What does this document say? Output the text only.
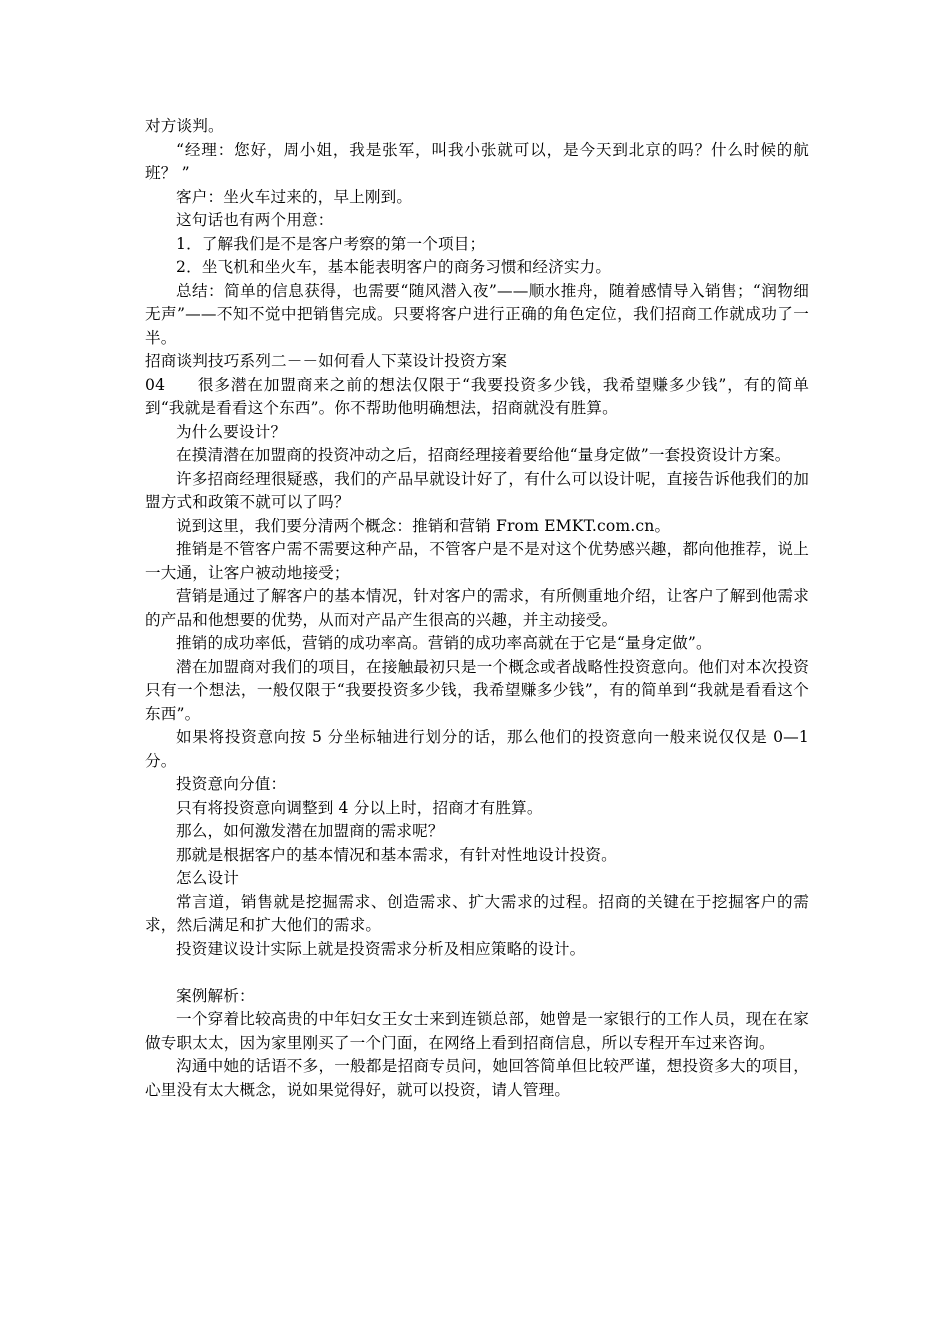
对方谈判。

“经理：您好，周小姐，我是张军，叫我小张就可以，是今天到北京的吗？什么时候的航班？ ”

客户：坐火车过来的，早上刚到。

这句话也有两个用意：

1．了解我们是不是客户考察的第一个项目；

2．坐飞机和坐火车，基本能表明客户的商务习惯和经济实力。

总结：简单的信息获得，也需要“随风潜入夜”——顺水推舟，随着感情导入销售；“润物细无声”——不知不觉中把销售完成。只要将客户进行正确的角色定位，我们招商工作就成功了一半。

招商谈判技巧系列二－－如何看人下菜设计投资方案

04 很多潜在加盟商来之前的想法仅限于“我要投资多少钱，我希望赚多少钱”，有的简单到“我就是看看这个东西”。你不帮助他明确想法，招商就没有胜算。

为什么要设计？

在摸清潜在加盟商的投资冲动之后，招商经理接着要给他“量身定做”一套投资设计方案。

许多招商经理很疑惑，我们的产品早就设计好了，有什么可以设计呢，直接告诉他我们的加盟方式和政策不就可以了吗？

说到这里，我们要分清两个概念：推销和营销 From EMKT.com.cn。

推销是不管客户需不需要这种产品，不管客户是不是对这个优势感兴趣，都向他推荐，说上一大通，让客户被动地接受；

营销是通过了解客户的基本情况，针对客户的需求，有所侧重地介绍，让客户了解到他需求的产品和他想要的优势，从而对产品产生很高的兴趣，并主动接受。

推销的成功率低，营销的成功率高。营销的成功率高就在于它是“量身定做”。

潜在加盟商对我们的项目，在接触最初只是一个概念或者战略性投资意向。他们对本次投资只有一个想法，一般仅限于“我要投资多少钱，我希望赚多少钱”，有的简单到“我就是看看这个东西”。

如果将投资意向按 5 分坐标轴进行划分的话，那么他们的投资意向一般来说仅仅是 0—1 分。

投资意向分值：

只有将投资意向调整到 4 分以上时，招商才有胜算。

那么，如何激发潜在加盟商的需求呢？

那就是根据客户的基本情况和基本需求，有针对性地设计投资。

怎么设计

常言道，销售就是挖掘需求、创造需求、扩大需求的过程。招商的关键在于挖掘客户的需求，然后满足和扩大他们的需求。

投资建议设计实际上就是投资需求分析及相应策略的设计。

案例解析：

一个穿着比较高贵的中年妇女王女士来到连锁总部，她曾是一家银行的工作人员，现在在家做专职太太，因为家里刚买了一个门面，在网络上看到招商信息，所以专程开车过来咨询。

沟通中她的话语不多，一般都是招商专员问，她回答简单但比较严谨，想投资多大的项目，心里没有太大概念，说如果觉得好，就可以投资，请人管理。
